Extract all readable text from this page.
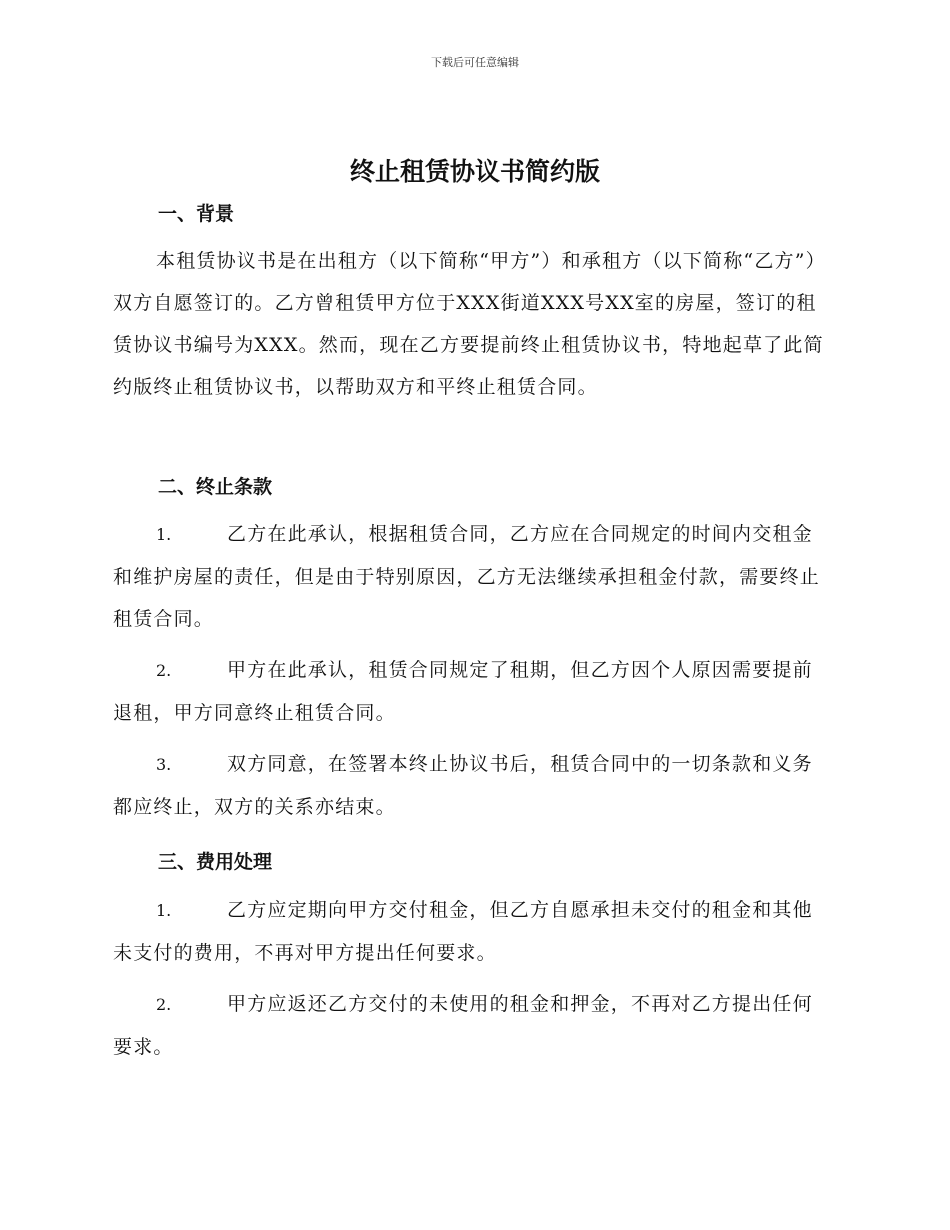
下载后可任意编辑
终止租赁协议书简约版
一、背景

本租赁协议书是在出租方（以下简称“甲方”）和承租方（以下简称“乙方”）双方自愿签订的。乙方曾租赁甲方位于XXX街道XXX号XX室的房屋，签订的租赁协议书编号为XXX。然而，现在乙方要提前终止租赁协议书，特地起草了此简约版终止租赁协议书，以帮助双方和平终止租赁合同。

二、终止条款

1.	乙方在此承认，根据租赁合同，乙方应在合同规定的时间内交租金和维护房屋的责任，但是由于特别原因，乙方无法继续承担租金付款，需要终止租赁合同。

2.	甲方在此承认，租赁合同规定了租期，但乙方因个人原因需要提前退租，甲方同意终止租赁合同。

3.	双方同意，在签署本终止协议书后，租赁合同中的一切条款和义务都应终止，双方的关系亦结束。

三、费用处理

1.	乙方应定期向甲方交付租金，但乙方自愿承担未交付的租金和其他未支付的费用，不再对甲方提出任何要求。

2.	甲方应返还乙方交付的未使用的租金和押金，不再对乙方提出任何要求。
